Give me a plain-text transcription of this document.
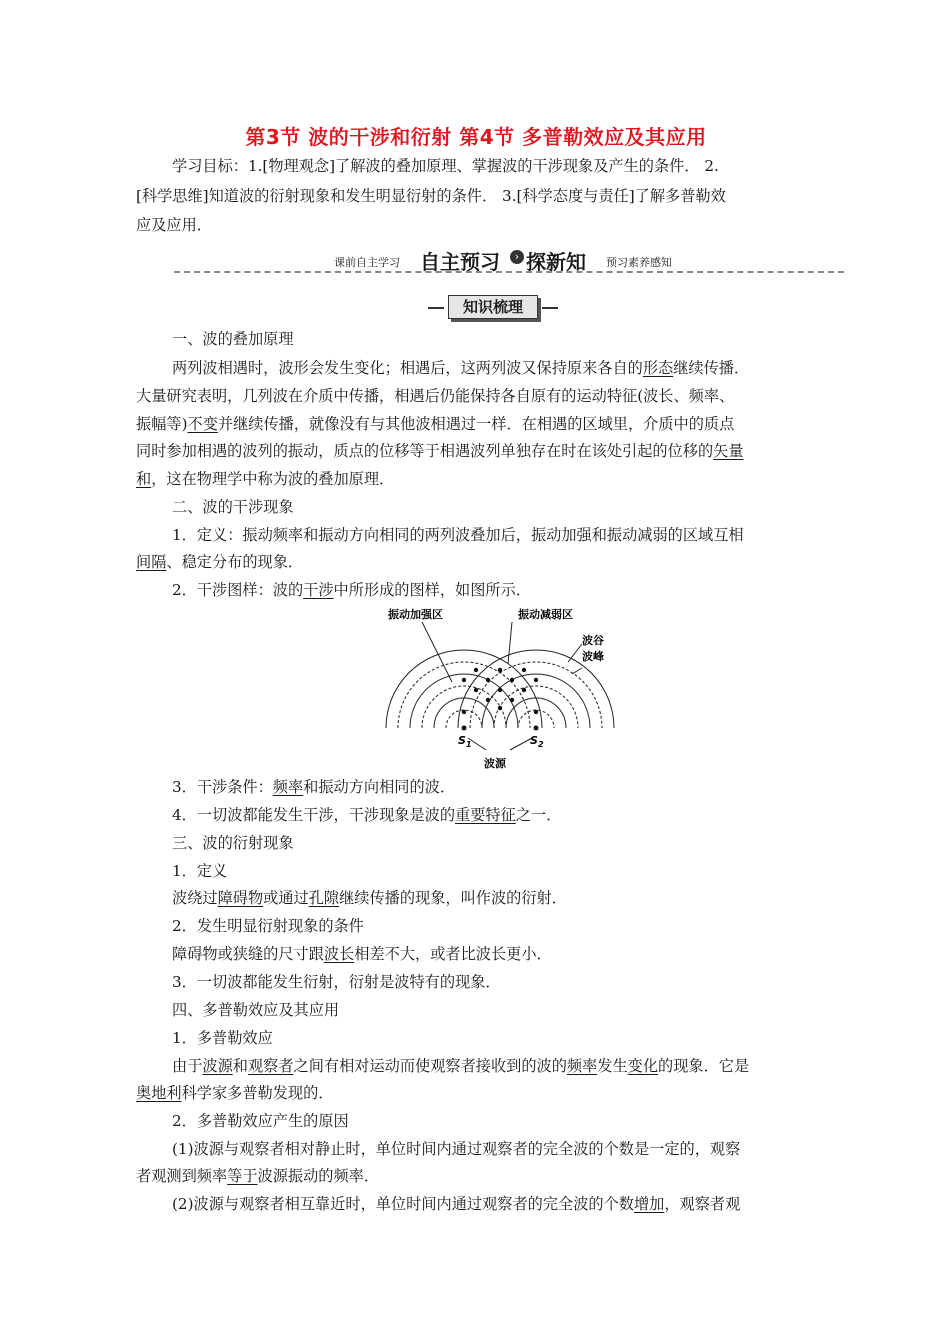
第3节 波的干涉和衍射 第4节 多普勒效应及其应用
学习目标：1.[物理观念]了解波的叠加原理、掌握波的干涉现象及产生的条件． 2.
[科学思维]知道波的衍射现象和发生明显衍射的条件． 3.[科学态度与责任]了解多普勒效
应及应用．
课前自主学习 自主预习	› 探新知 预习素养感知
知识梳理
一、波的叠加原理
两列波相遇时，波形会发生变化；相遇后，这两列波又保持原来各自的形态继续传播．
大量研究表明，几列波在介质中传播，相遇后仍能保持各自原有的运动特征(波长、频率、
振幅等)不变并继续传播，就像没有与其他波相遇过一样．在相遇的区域里，介质中的质点
同时参加相遇的波列的振动，质点的位移等于相遇波列单独存在时在该处引起的位移的矢量
和，这在物理学中称为波的叠加原理．
二、波的干涉现象
1．定义：振动频率和振动方向相同的两列波叠加后，振动加强和振动减弱的区域互相
间隔、稳定分布的现象．
2．干涉图样：波的干涉中所形成的图样，如图所示．
3．干涉条件：频率和振动方向相同的波．
4．一切波都能发生干涉，干涉现象是波的重要特征之一．
三、波的衍射现象
1．定义
波绕过障碍物或通过孔隙继续传播的现象，叫作波的衍射．
2．发生明显衍射现象的条件
障碍物或狭缝的尺寸跟波长相差不大，或者比波长更小．
3．一切波都能发生衍射，衍射是波特有的现象．
四、多普勒效应及其应用
1．多普勒效应
由于波源和观察者之间有相对运动而使观察者接收到的波的频率发生变化的现象．它是
奥地利科学家多普勒发现的．
2．多普勒效应产生的原因
(1)波源与观察者相对静止时，单位时间内通过观察者的完全波的个数是一定的，观察
者观测到频率等于波源振动的频率．
(2)波源与观察者相互靠近时，单位时间内通过观察者的完全波的个数增加，观察者观
振动加强区	振动减弱区
波谷
波峰
$S_1$	$S_2$
波源
